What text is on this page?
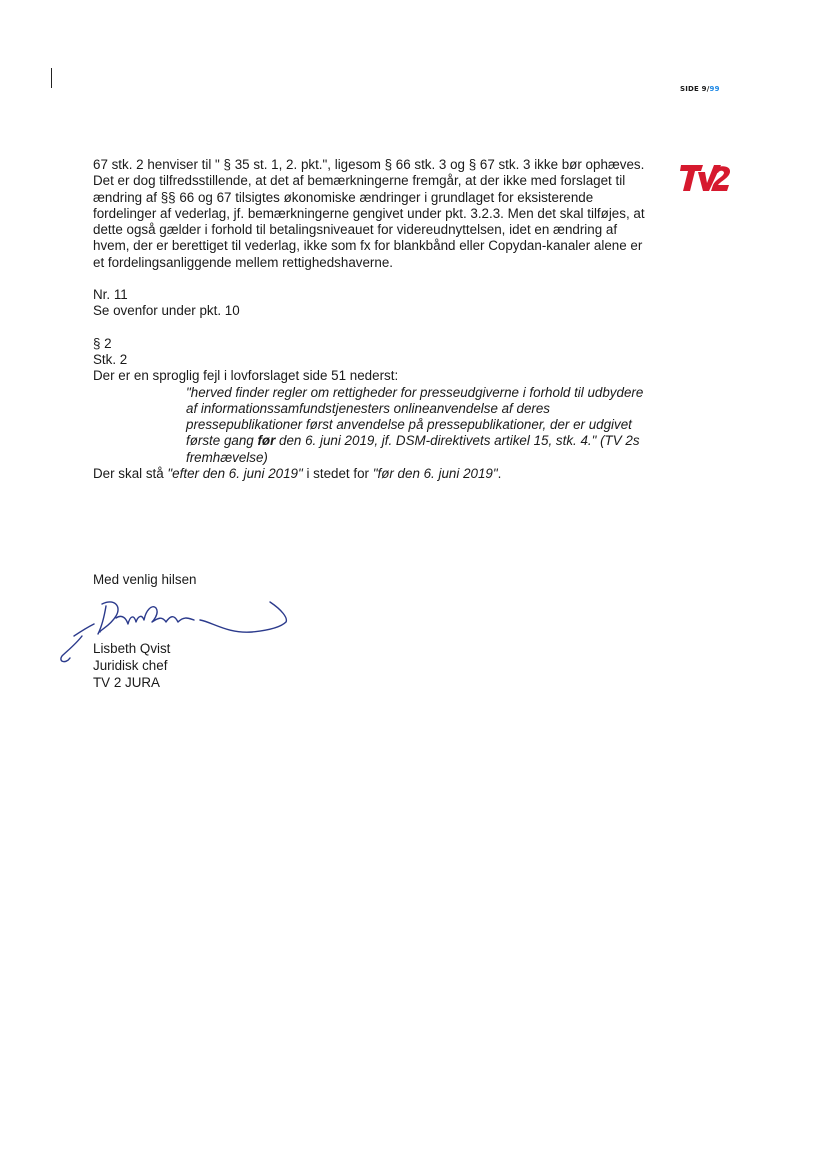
SIDE 9/99

67 stk. 2 henviser til " § 35 st. 1, 2. pkt.", ligesom § 66 stk. 3 og § 67 stk. 3 ikke bør ophæves.

Det er dog tilfredsstillende, at det af bemærkningerne fremgår, at der ikke med forslaget til ændring af §§ 66 og 67 tilsigtes økonomiske ændringer i grundlaget for eksisterende fordelinger af vederlag, jf. bemærkningerne gengivet under pkt. 3.2.3. Men det skal tilføjes, at dette også gælder i forhold til betalingsniveauet for videreudnyttelsen, idet en ændring af hvem, der er berettiget til vederlag, ikke som fx for blankbånd eller Copydan-kanaler alene er et fordelingsanliggende mellem rettighedshaverne.

Nr. 11

Se ovenfor under pkt. 10

§ 2

Stk. 2

Der er en sproglig fejl i lovforslaget side 51 nederst:

"herved finder regler om rettigheder for presseudgiverne i forhold til udbydere af informationssamfundstjenesters onlineanvendelse af deres pressepublikationer først anvendelse på pressepublikationer, der er udgivet første gang før den 6. juni 2019, jf. DSM-direktivets artikel 15, stk. 4." (TV 2s fremhævelse)

Der skal stå "efter den 6. juni 2019" i stedet for "før den 6. juni 2019".

Med venlig hilsen
Lisbeth Qvist
Juridisk chef
TV 2 JURA
